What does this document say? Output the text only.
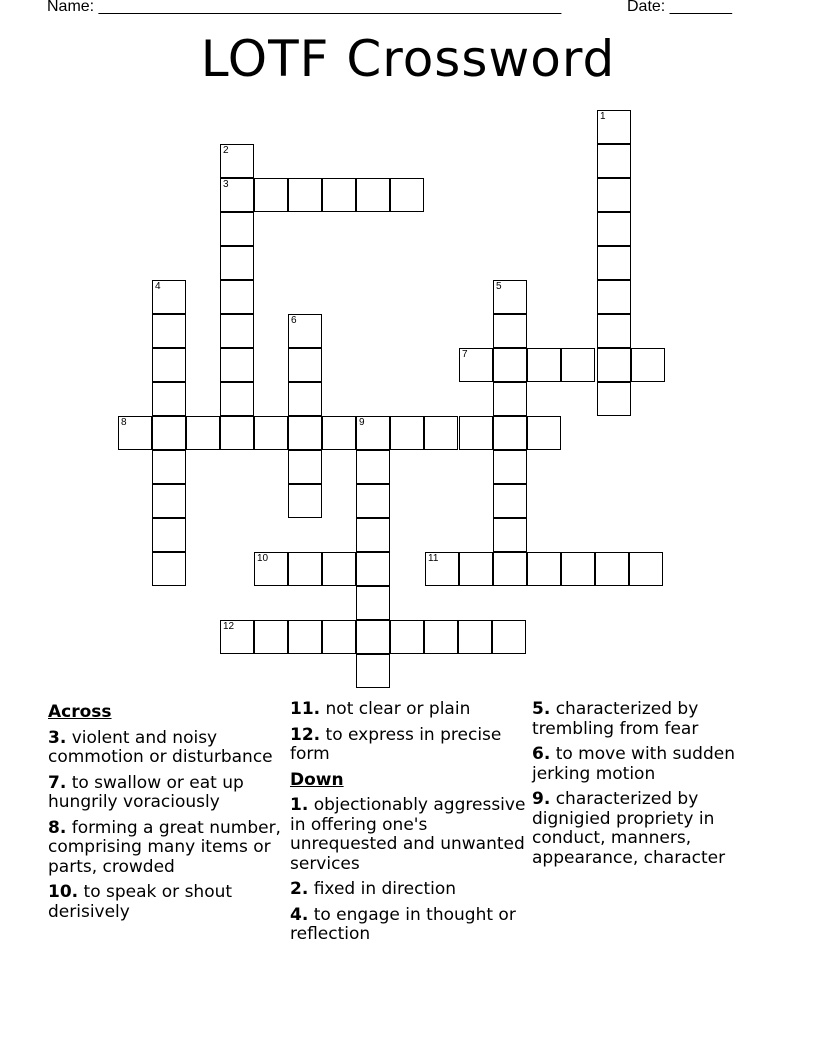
Name: ____________________________________________________	Date: _______
LOTF Crossword
1
2
3
4	5
6
7
8	9
10	11
12
Across
3. violent and noisy commotion or disturbance
7. to swallow or eat up hungrily voraciously
8. forming a great number, comprising many items or parts, crowded
10. to speak or shout derisively
11. not clear or plain
12. to express in precise form
Down
1. objectionably aggressive in offering one's unrequested and unwanted services
2. fixed in direction
4. to engage in thought or reflection
5. characterized by trembling from fear
6. to move with sudden jerking motion
9. characterized by dignigied propriety in conduct, manners, appearance, character
